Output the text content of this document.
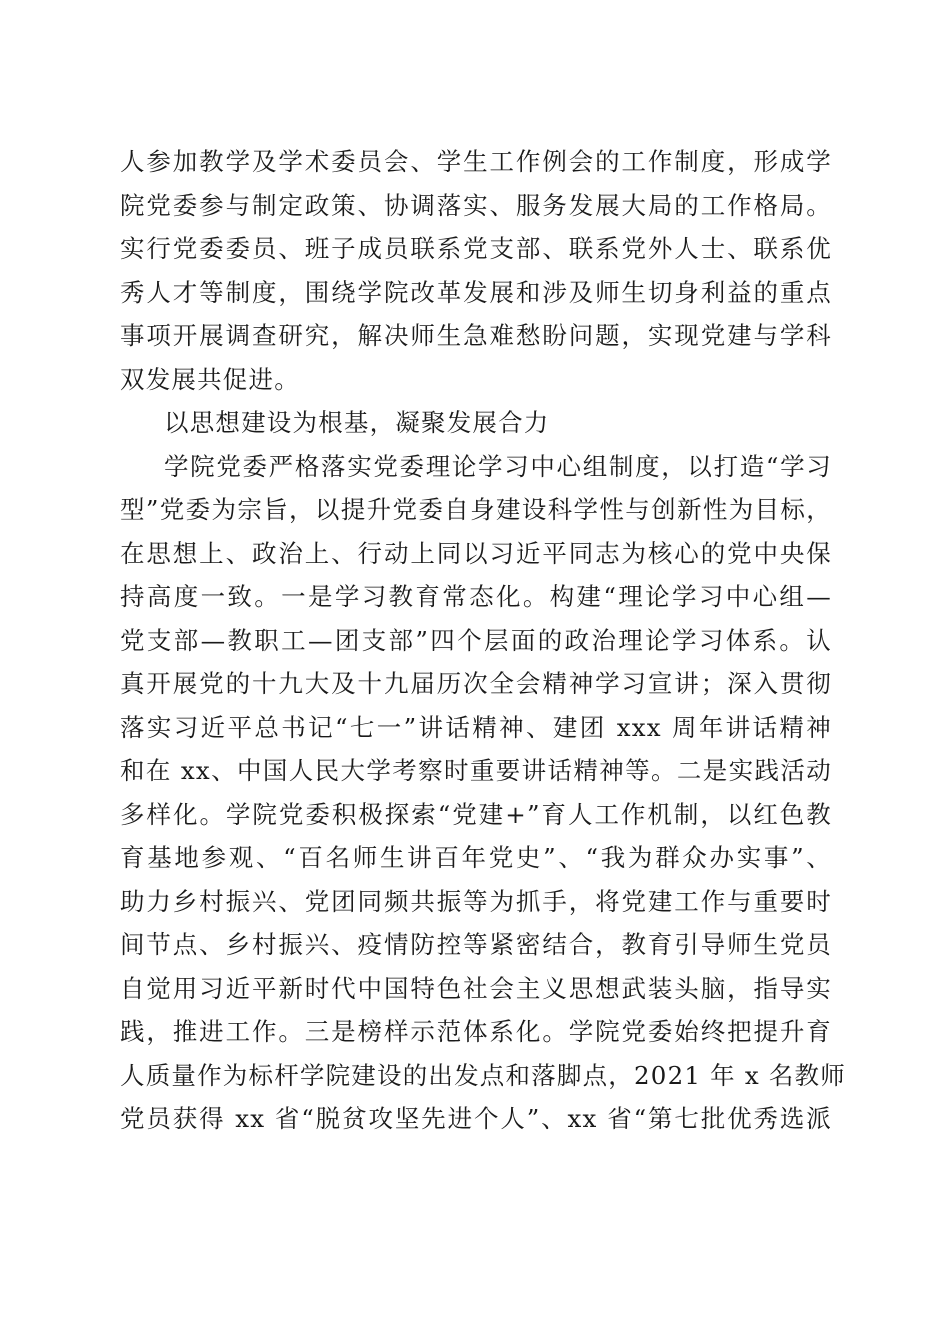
人参加教学及学术委员会、学生工作例会的工作制度，形成学
院党委参与制定政策、协调落实、服务发展大局的工作格局。
实行党委委员、班子成员联系党支部、联系党外人士、联系优
秀人才等制度，围绕学院改革发展和涉及师生切身利益的重点
事项开展调查研究，解决师生急难愁盼问题，实现党建与学科
双发展共促进。
以思想建设为根基，凝聚发展合力
学院党委严格落实党委理论学习中心组制度，以打造“学习
型”党委为宗旨，以提升党委自身建设科学性与创新性为目标，
在思想上、政治上、行动上同以习近平同志为核心的党中央保
持高度一致。一是学习教育常态化。构建“理论学习中心组—
党支部—教职工—团支部”四个层面的政治理论学习体系。认
真开展党的十九大及十九届历次全会精神学习宣讲；深入贯彻
落实习近平总书记“七一”讲话精神、建团 xxx 周年讲话精神
和在 xx、中国人民大学考察时重要讲话精神等。二是实践活动
多样化。学院党委积极探索“党建+”育人工作机制，以红色教
育基地参观、“百名师生讲百年党史”、“我为群众办实事”、
助力乡村振兴、党团同频共振等为抓手，将党建工作与重要时
间节点、乡村振兴、疫情防控等紧密结合，教育引导师生党员
自觉用习近平新时代中国特色社会主义思想武装头脑，指导实
践，推进工作。三是榜样示范体系化。学院党委始终把提升育
人质量作为标杆学院建设的出发点和落脚点，2021 年 x 名教师
党员获得 xx 省“脱贫攻坚先进个人”、xx 省“第七批优秀选派
